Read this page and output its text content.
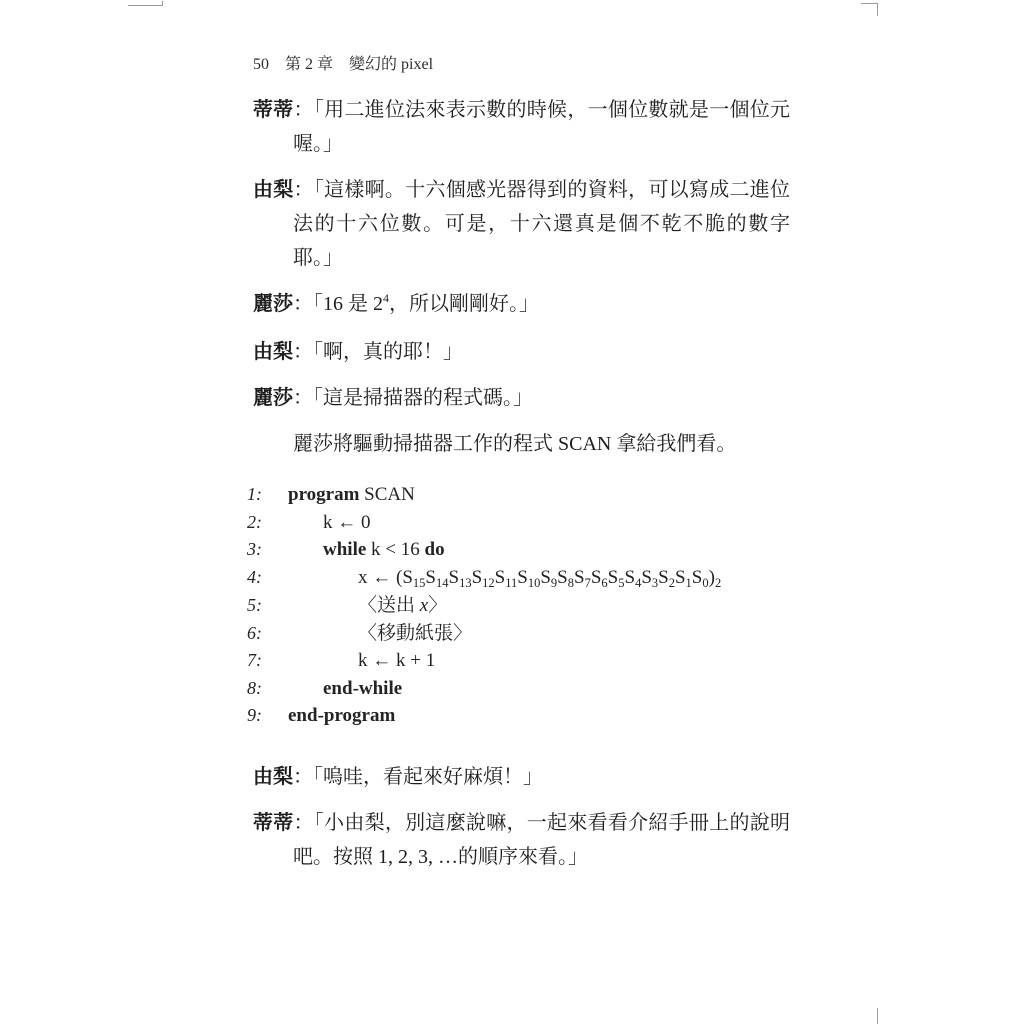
50 第 2 章 變幻的 pixel
蒂蒂：「用二進位法來表示數的時候，一個位數就是一個位元
喔。」
由梨：「這樣啊。十六個感光器得到的資料，可以寫成二進位
法的十六位數。可是，十六還真是個不乾不脆的數字
耶。」
麗莎：「16 是 $2^4$，所以剛剛好。」
由梨：「啊，真的耶！」
麗莎：「這是掃描器的程式碼。」
麗莎將驅動掃描器工作的程式 SCAN 拿給我們看。
1: program SCAN
2:	k ← 0
3:	while k < 16 do
4:	x ← $(S_{15}S_{14}S_{13}S_{12}S_{11}S_{10}S_9S_8S_7S_6S_5S_4S_3S_2S_1S_0)_2$
5:	〈送出 x〉
6:	〈移動紙張〉
7:	k ← k + 1
8:	end-while
9: end-program
由梨：「嗚哇，看起來好麻煩！」
蒂蒂：「小由梨，別這麼說嘛，一起來看看介紹手冊上的說明
吧。按照 1, 2, 3, …的順序來看。」
